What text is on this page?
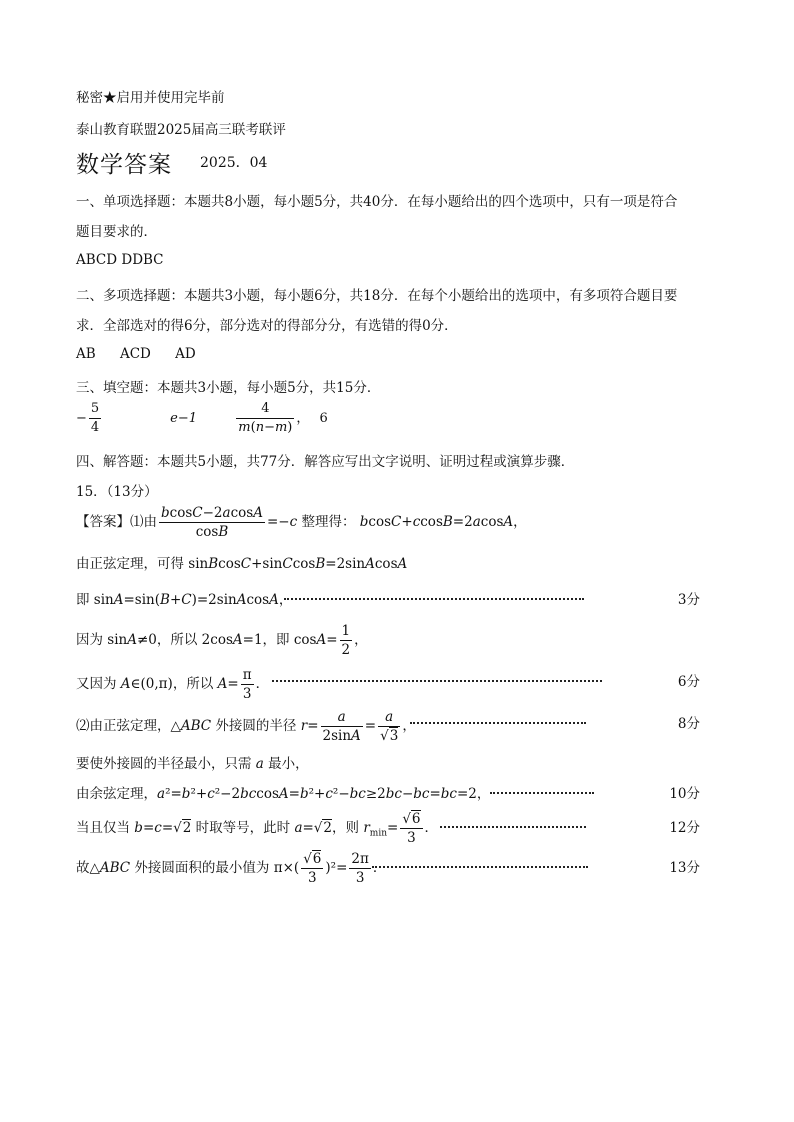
秘密★启用并使用完毕前
泰山教育联盟2025届高三联考联评
数学答案 2025．04
一、单项选择题：本题共8小题，每小题5分，共40分．在每小题给出的四个选项中，只有一项是符合
题目要求的．
ABCD DDBC
二、多项选择题：本题共3小题，每小题6分，共18分．在每个小题给出的选项中，有多项符合题目要
求．全部选对的得6分，部分选对的得部分分，有选错的得0分．
AB ACD AD
三、填空题：本题共3小题，每小题5分，共15分．
− $\frac{5}{4}$	e−1	$\frac{4}{m(n-m)}$ ， 6
四、解答题：本题共5小题，共77分．解答应写出文字说明、证明过程或演算步骤．
15．（13分）
【答案】⑴由 $\frac{bcosC-2acosA}{\cos B} =-c$ 整理得： bcosC+ccosB=2acosA，
由正弦定理，可得 sinBcosC+sinCcosB=2sinAcosA
即 sinA=sin(B+C)=2sinAcosA，	3分
因为 sinA≠0，所以 2cosA=1，即 $\cos A= \frac{1}{2}$ ，
又因为 A∈(0,π)，所以 $A= \frac{\pi}{3}$ ．	6分
⑵由正弦定理，△ABC 外接圆的半径 $r= \frac{a}{2\sin A} = \frac{a}{√3}$ ，	8分
要使外接圆的半径最小，只需 a 最小，
由余弦定理，a²=b²+c²−2bccosA=b²+c²−bc≥2bc−bc=bc=2，	10分
当且仅当 b=c=√2 时取等号，此时 a=√2，则 $r_{min}= \frac{√6}{3}$ ．	12分
故△ABC 外接圆面积的最小值为 $\pi\times( \frac{√6}{3} )^2= \frac{2\pi}{3}$ ．	13分
